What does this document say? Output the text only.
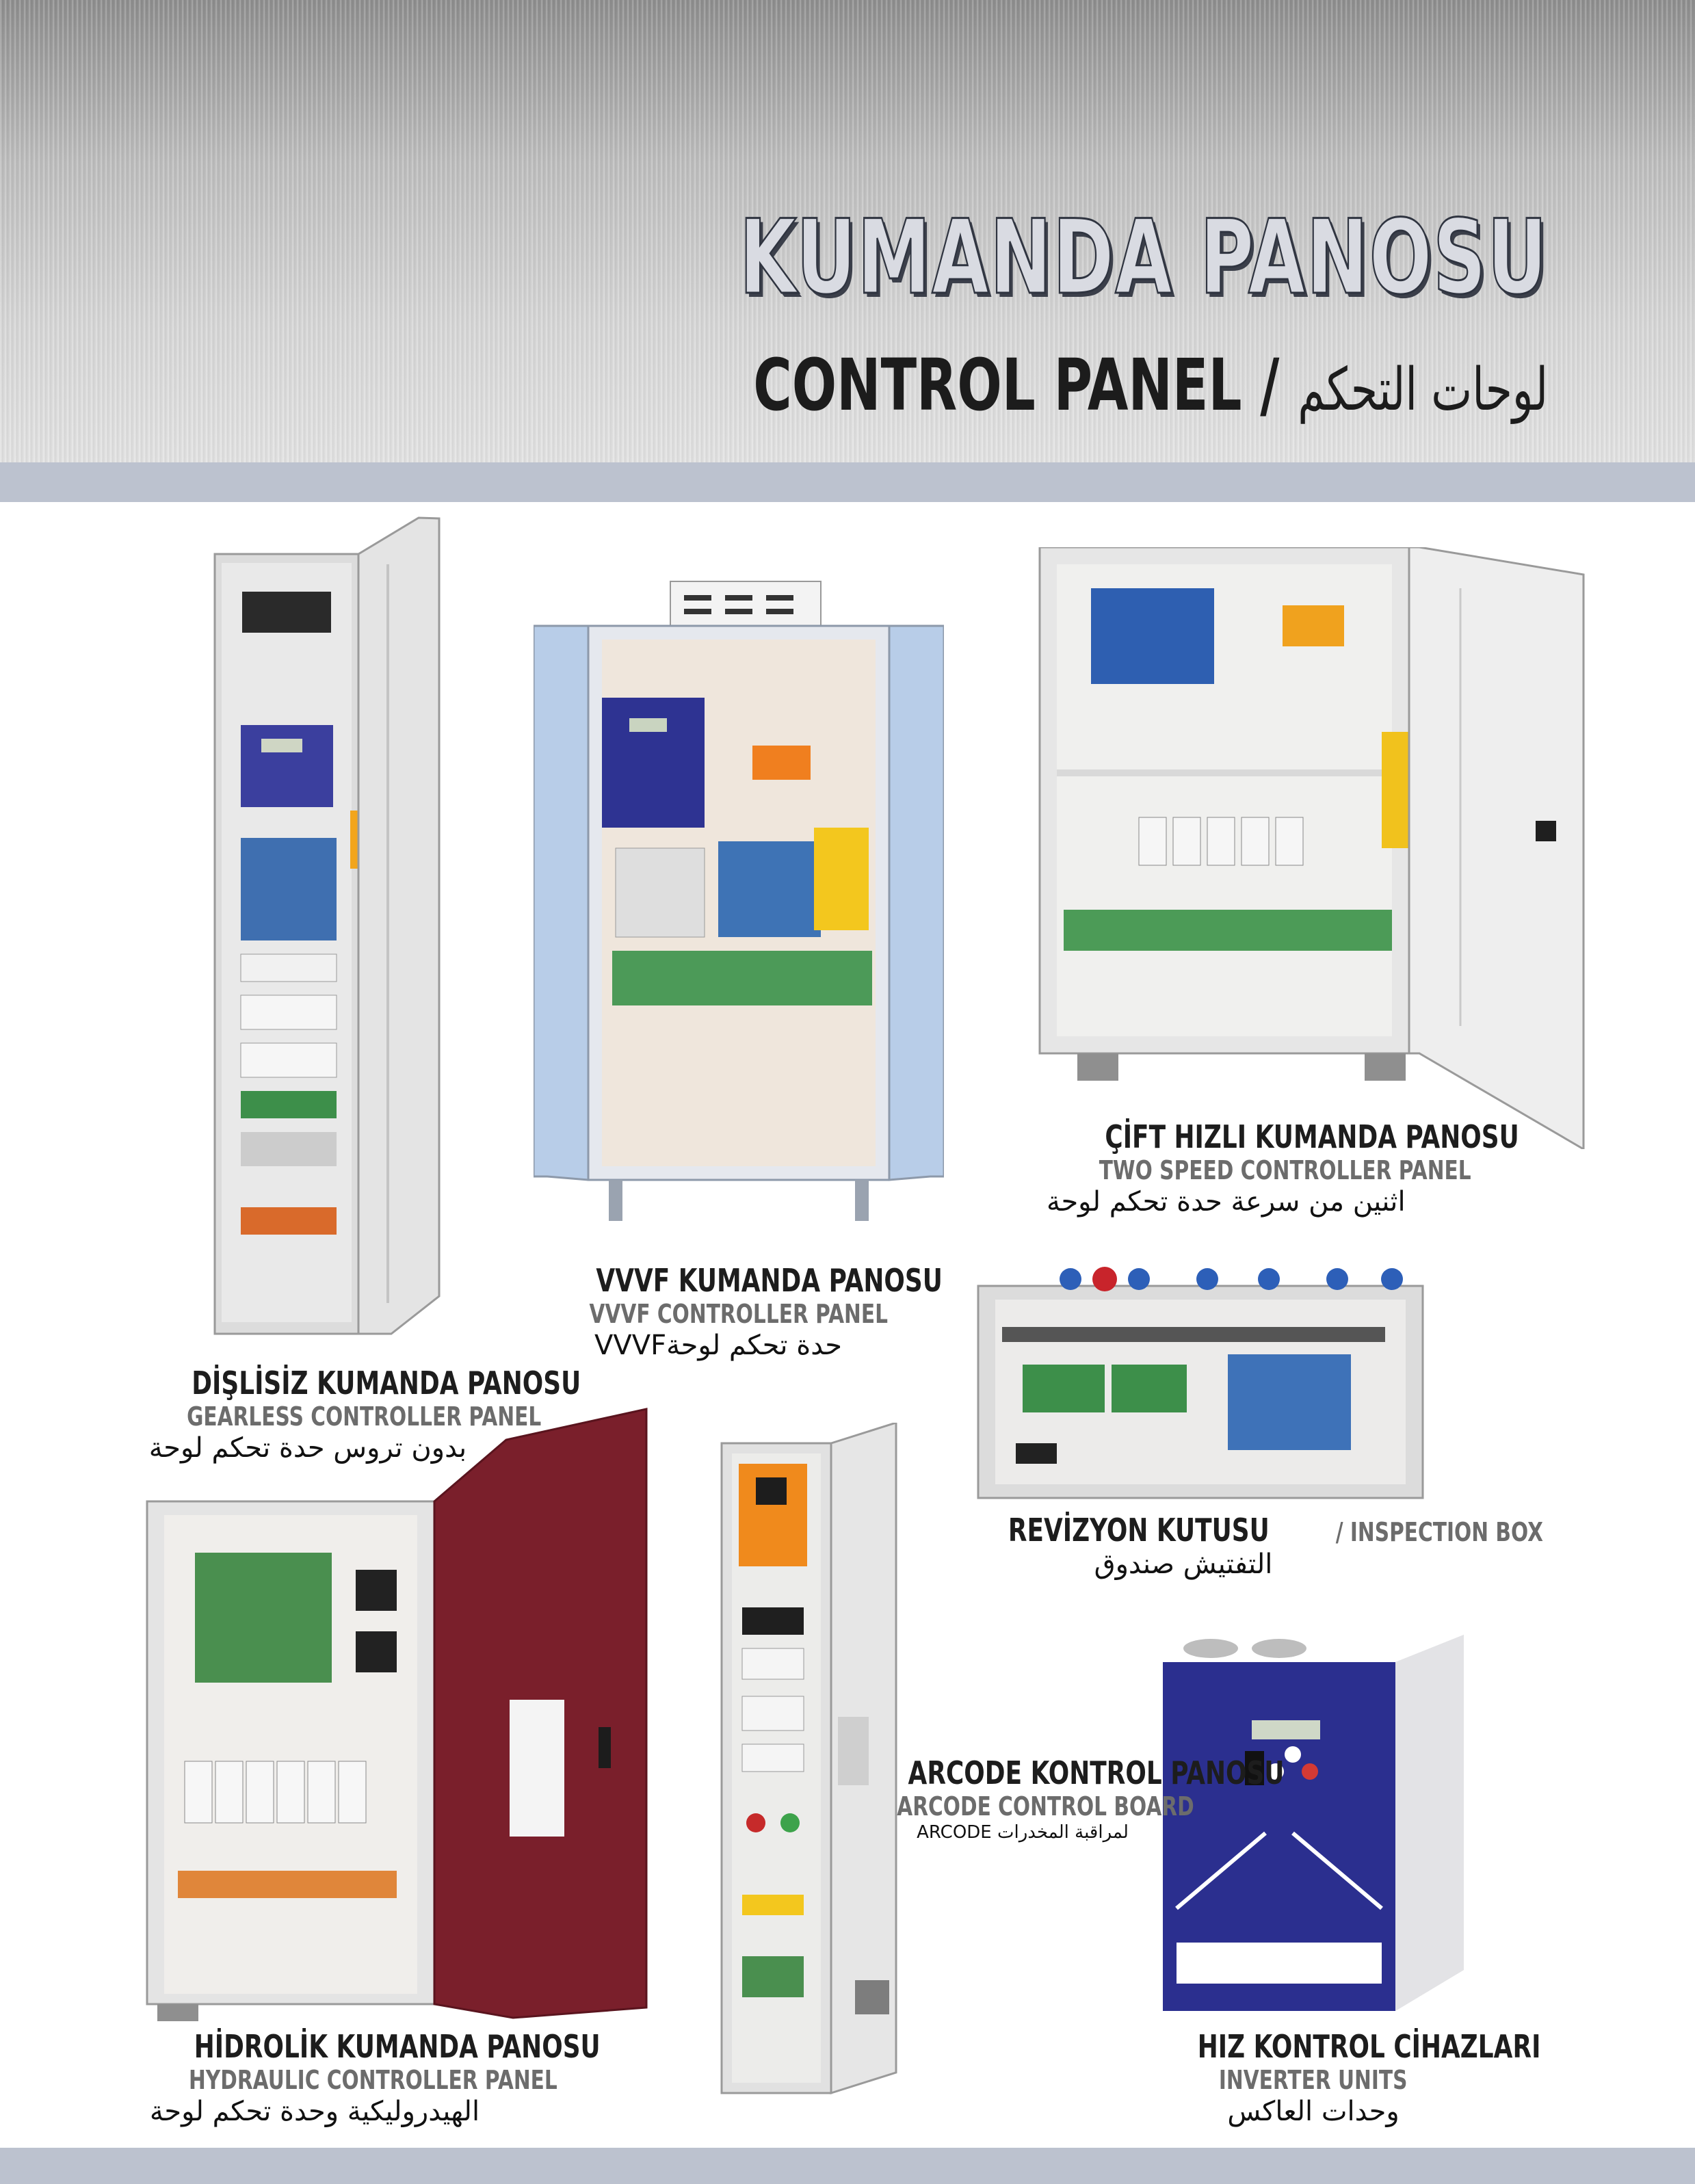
KUMANDA PANOSU
CONTROL PANEL / لوحات التحكم
DİŞLİSİZ KUMANDA PANOSU
GEARLESS CONTROLLER PANEL
بدون تروس حدة تحكم لوحة
VVVF KUMANDA PANOSU
VVVF CONTROLLER PANEL
VVVFحدة تحكم لوحة
ÇİFT HIZLI KUMANDA PANOSU
TWO SPEED CONTROLLER PANEL
اثنين من سرعة حدة تحكم لوحة
REVİZYON KUTUSU	/ INSPECTION BOX
التفتيش صندوق
ARCODE KONTROL PANOSU
ARCODE CONTROL BOARD
ARCODE لمراقبة المخدرات
HİDROLİK KUMANDA PANOSU
HYDRAULIC CONTROLLER PANEL
الهيدروليكية وحدة تحكم لوحة
HIZ KONTROL CİHAZLARI
INVERTER UNITS
وحدات العاكس
